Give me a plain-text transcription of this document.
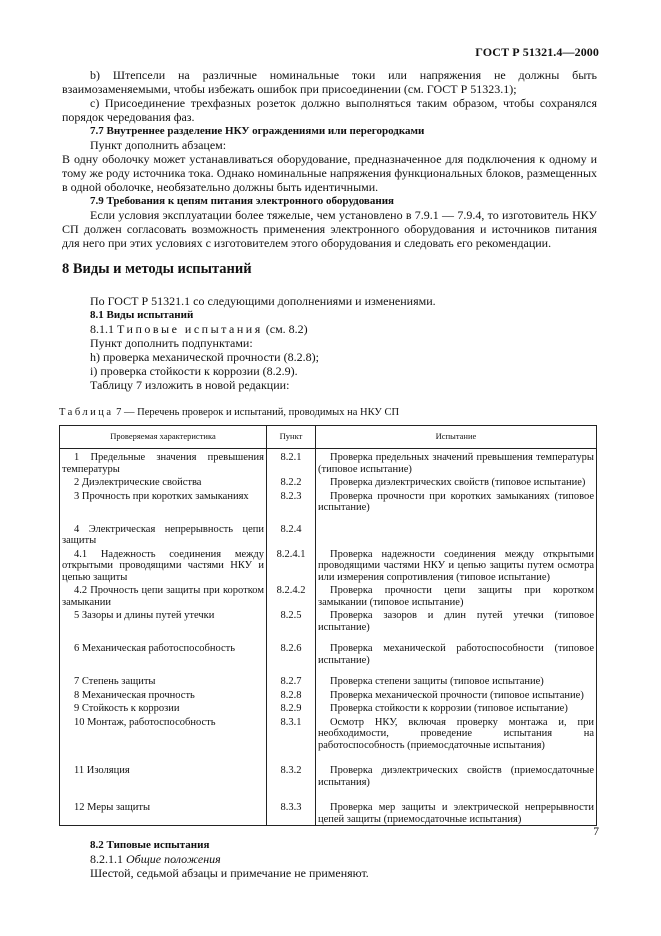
ГОСТ Р 51321.4—2000

b) Штепсели на различные номинальные токи или напряжения не должны быть взаимозаменяемыми, чтобы избежать ошибок при присоединении (см. ГОСТ Р 51323.1);

c) Присоединение трехфазных розеток должно выполняться таким образом, чтобы сохранялся порядок чередования фаз.

7.7 Внутреннее разделение НКУ ограждениями или перегородками

Пункт дополнить абзацем:

В одну оболочку может устанавливаться оборудование, предназначенное для подключения к одному и тому же роду источника тока. Однако номинальные напряжения функциональных блоков, размещенных в одной оболочке, необязательно должны быть идентичными.

7.9 Требования к цепям питания электронного оборудования

Если условия эксплуатации более тяжелые, чем установлено в 7.9.1 — 7.9.4, то изготовитель НКУ СП должен согласовать возможность применения электронного оборудования и источников питания для него при этих условиях с изготовителем этого оборудования и следовать его рекомендации.

8 Виды и методы испытаний

По ГОСТ Р 51321.1 со следующими дополнениями и изменениями.

8.1 Виды испытаний

8.1.1 Типовые испытания (см. 8.2)

Пункт дополнить подпунктами:

h) проверка механической прочности (8.2.8);

i) проверка стойкости к коррозии (8.2.9).

Таблицу 7 изложить в новой редакции:

Таблица 7 — Перечень проверок и испытаний, проводимых на НКУ СП

Проверяемая характеристика	Пункт	Испытание
1 Предельные значения превышения температуры	8.2.1	Проверка предельных значений превышения температуры (типовое испытание)
2 Диэлектрические свойства	8.2.2	Проверка диэлектрических свойств (типовое испытание)
3 Прочность при коротких замыканиях	8.2.3	Проверка прочности при коротких замыканиях (типовое испытание)
4 Электрическая непрерывность цепи защиты	8.2.4	
4.1 Надежность соединения между открытыми проводящими частями НКУ и цепью защиты	8.2.4.1	Проверка надежности соединения между открытыми проводящими частями НКУ и цепью защиты путем осмотра или измерения сопротивления (типовое испытание)
4.2 Прочность цепи защиты при коротком замыкании	8.2.4.2	Проверка прочности цепи защиты при коротком замыкании (типовое испытание)
5 Зазоры и длины путей утечки	8.2.5	Проверка зазоров и длин путей утечки (типовое испытание)
6 Механическая работоспособность	8.2.6	Проверка механической работоспособности (типовое испытание)
7 Степень защиты	8.2.7	Проверка степени защиты (типовое испытание)
8 Механическая прочность	8.2.8	Проверка механической прочности (типовое испытание)
9 Стойкость к коррозии	8.2.9	Проверка стойкости к коррозии (типовое испытание)
10 Монтаж, работоспособность	8.3.1	Осмотр НКУ, включая проверку монтажа и, при необходимости, проведение испытания на работоспособность (приемосдаточные испытания)
11 Изоляция	8.3.2	Проверка диэлектрических свойств (приемосдаточные испытания)
12 Меры защиты	8.3.3	Проверка мер защиты и электрической непрерывности цепей защиты (приемосдаточные испытания)

8.2 Типовые испытания

8.2.1.1 Общие положения

Шестой, седьмой абзацы и примечание не применяют.

7
